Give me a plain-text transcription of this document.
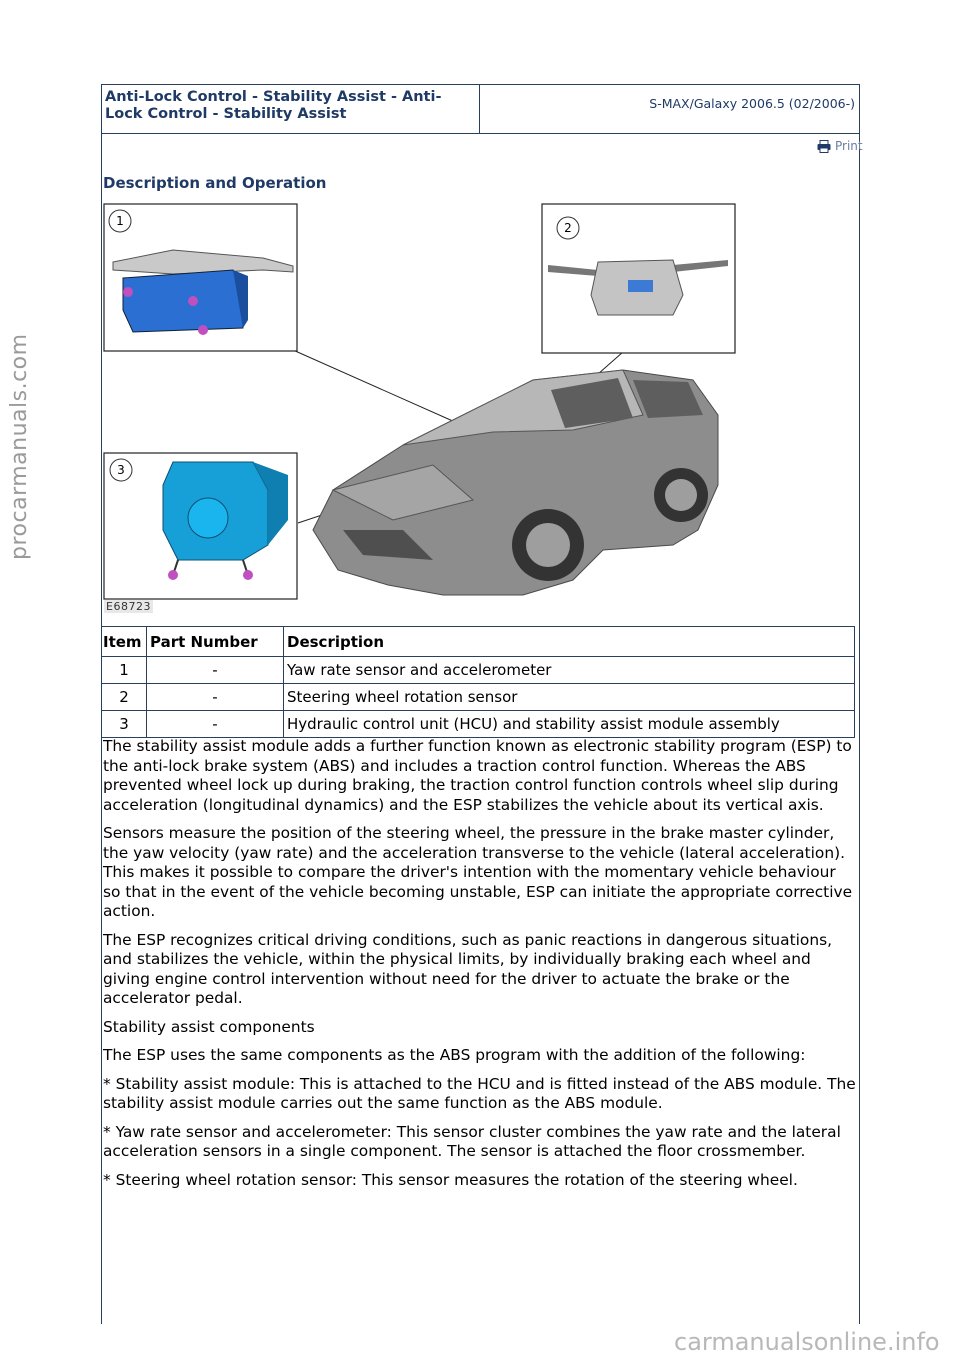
Anti-Lock Control - Stability Assist - Anti-
Lock Control - Stability Assist
S-MAX/Galaxy 2006.5 (02/2006-)
Print
Description and Operation
1	2
3
E68723
Item	Part Number	Description
1	-	Yaw rate sensor and accelerometer
2	-	Steering wheel rotation sensor
3	-	Hydraulic control unit (HCU) and stability assist module assembly

The stability assist module adds a further function known as electronic stability program (ESP) to the anti-lock brake system (ABS) and includes a traction control function. Whereas the ABS prevented wheel lock up during braking, the traction control function controls wheel slip during acceleration (longitudinal dynamics) and the ESP stabilizes the vehicle about its vertical axis.

Sensors measure the position of the steering wheel, the pressure in the brake master cylinder, the yaw velocity (yaw rate) and the acceleration transverse to the vehicle (lateral acceleration). This makes it possible to compare the driver's intention with the momentary vehicle behaviour so that in the event of the vehicle becoming unstable, ESP can initiate the appropriate corrective action.

The ESP recognizes critical driving conditions, such as panic reactions in dangerous situations, and stabilizes the vehicle, within the physical limits, by individually braking each wheel and giving engine control intervention without need for the driver to actuate the brake or the accelerator pedal.

Stability assist components

The ESP uses the same components as the ABS program with the addition of the following:

* Stability assist module: This is attached to the HCU and is fitted instead of the ABS module. The stability assist module carries out the same function as the ABS module.

* Yaw rate sensor and accelerometer: This sensor cluster combines the yaw rate and the lateral acceleration sensors in a single component. The sensor is attached the floor crossmember.

* Steering wheel rotation sensor: This sensor measures the rotation of the steering wheel.

procarmanuals.com
carmanualsonline.info
